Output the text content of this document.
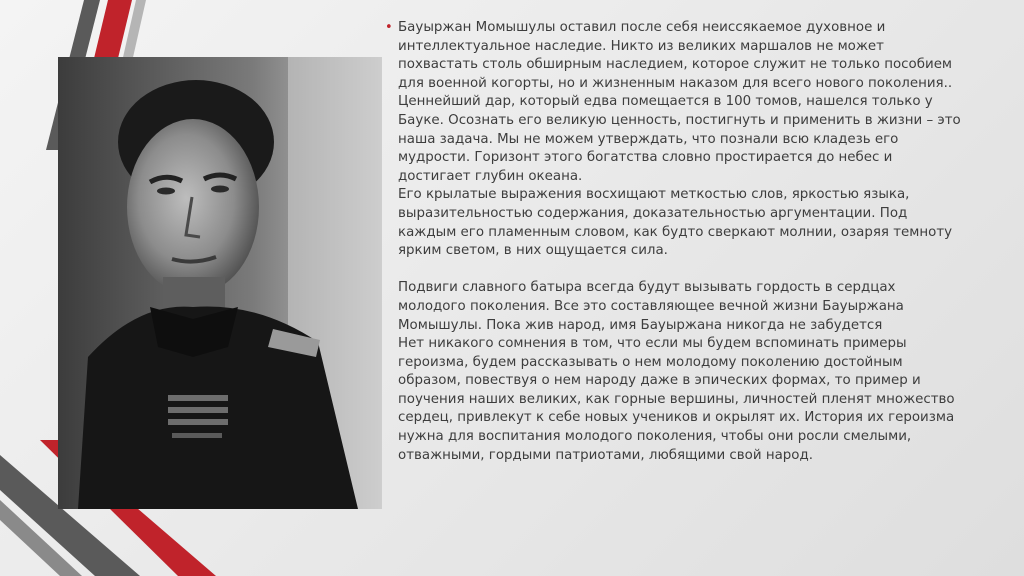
• Бауыржан Момышулы оставил после себя неиссякаемое духовное и
интеллектуальное наследие. Никто из великих маршалов не может
похвастать столь обширным наследием, которое служит не только пособием
для военной когорты, но и жизненным наказом для всего нового поколения..
Ценнейший дар, который едва помещается в 100 томов, нашелся только у
Бауке. Осознать его великую ценность, постигнуть и применить в жизни – это
наша задача. Мы не можем утверждать, что познали всю кладезь его
мудрости. Горизонт этого богатства словно простирается до небес и
достигает глубин океана.
Его крылатые выражения восхищают меткостью слов, яркостью языка,
выразительностью содержания, доказательностью аргументации. Под
каждым его пламенным словом, как будто сверкают молнии, озаряя темноту
ярким светом, в них ощущается сила.
Подвиги славного батыра всегда будут вызывать гордость в сердцах
молодого поколения. Все это составляющее вечной жизни Бауыржана
Момышулы. Пока жив народ, имя Бауыржана никогда не забудется
Нет никакого сомнения в том, что если мы будем вспоминать примеры
героизма, будем рассказывать о нем молодому поколению достойным
образом, повествуя о нем народу даже в эпических формах, то пример и
поучения наших великих, как горные вершины, личностей пленят множество
сердец, привлекут к себе новых учеников и окрылят их. История их героизма
нужна для воспитания молодого поколения, чтобы они росли смелыми,
отважными, гордыми патриотами, любящими свой народ.
